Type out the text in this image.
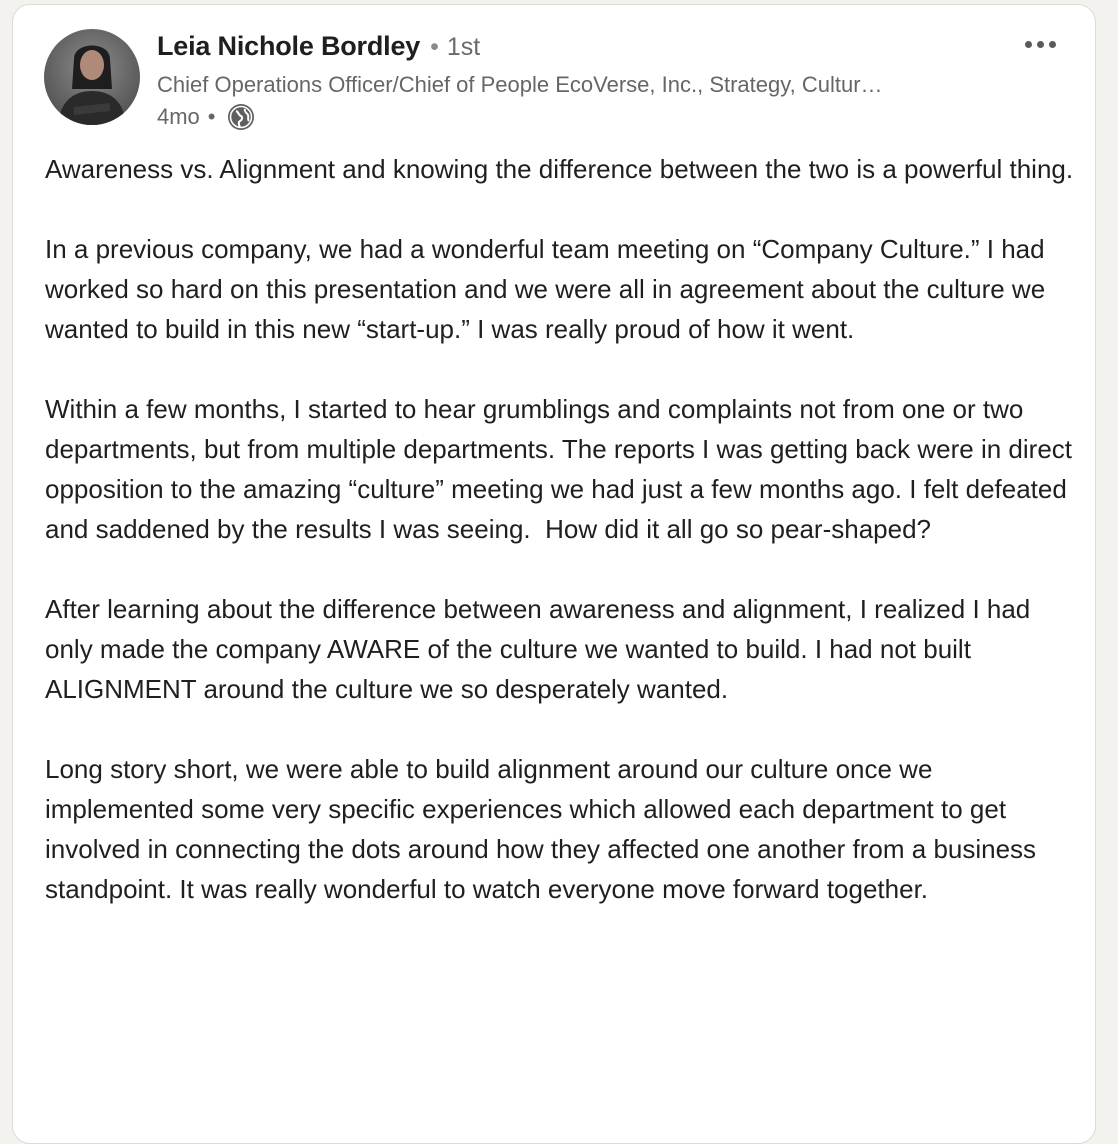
Leia Nichole Bordley • 1st
Chief Operations Officer/Chief of People EcoVerse, Inc., Strategy, Cultur…
4mo •

Awareness vs. Alignment and knowing the difference between the two is a powerful thing.

In a previous company, we had a wonderful team meeting on “Company Culture.” I had worked so hard on this presentation and we were all in agreement about the culture we wanted to build in this new “start-up.” I was really proud of how it went.

Within a few months, I started to hear grumblings and complaints not from one or two departments, but from multiple departments. The reports I was getting back were in direct opposition to the amazing “culture” meeting we had just a few months ago. I felt defeated and saddened by the results I was seeing.  How did it all go so pear-shaped?

After learning about the difference between awareness and alignment, I realized I had only made the company AWARE of the culture we wanted to build. I had not built ALIGNMENT around the culture we so desperately wanted.

Long story short, we were able to build alignment around our culture once we implemented some very specific experiences which allowed each department to get involved in connecting the dots around how they affected one another from a business standpoint. It was really wonderful to watch everyone move forward together.
